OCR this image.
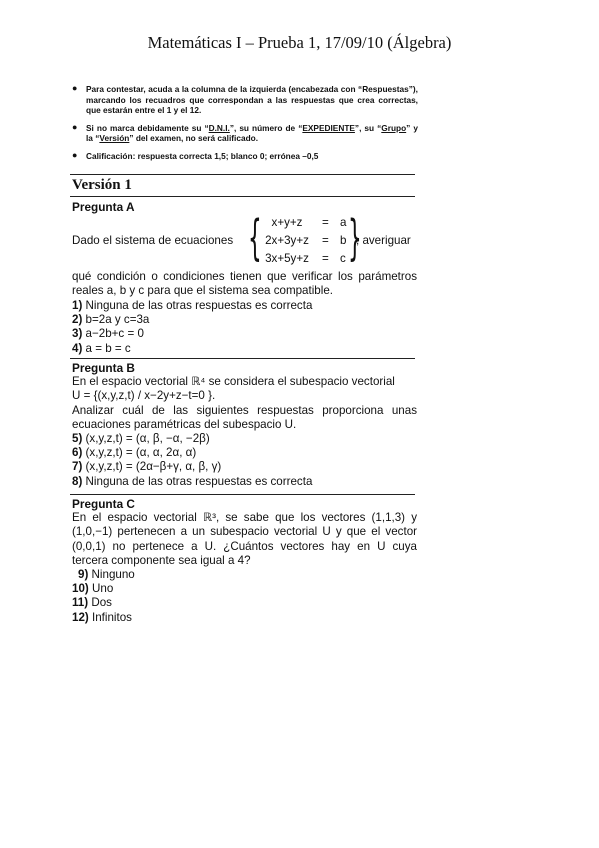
Matemáticas I – Prueba 1, 17/09/10 (Álgebra)
● Para contestar, acuda a la columna de la izquierda (encabezada con “Respuestas”), marcando los recuadros que correspondan a las respuestas que crea correctas, que estarán entre el 1 y el 12.
● Si no marca debidamente su “D.N.I.”, su número de “EXPEDIENTE”, su “Grupo” y la “Versión” del examen, no será calificado.
● Calificación: respuesta correcta 1,5; blanco 0; errónea –0,5
Versión 1
Pregunta A
Dado el sistema de ecuaciones { x+y+z	= a
2x+3y+z	= b
3x+5y+z	= c }
, averiguar
qué condición o condiciones tienen que verificar los parámetros reales a, b y c para que el sistema sea compatible.
1) Ninguna de las otras respuestas es correcta
2) b=2a y c=3a
3) a−2b+c = 0
4) a = b = c
Pregunta B
En el espacio vectorial ℝ⁴ se considera el subespacio vectorial
U = {(x,y,z,t) / x−2y+z−t=0 }.
Analizar cuál de las siguientes respuestas proporciona unas ecuaciones paramétricas del subespacio U.
5) (x,y,z,t) = (α, β, −α, −2β)
6) (x,y,z,t) = (α, α, 2α, α)
7) (x,y,z,t) = (2α−β+γ, α, β, γ)
8) Ninguna de las otras respuestas es correcta
Pregunta C
En el espacio vectorial ℝ³, se sabe que los vectores (1,1,3) y (1,0,−1) pertenecen a un subespacio vectorial U y que el vector (0,0,1) no pertenece a U. ¿Cuántos vectores hay en U cuya tercera componente sea igual a 4?
9) Ninguno
10) Uno
11) Dos
12) Infinitos
